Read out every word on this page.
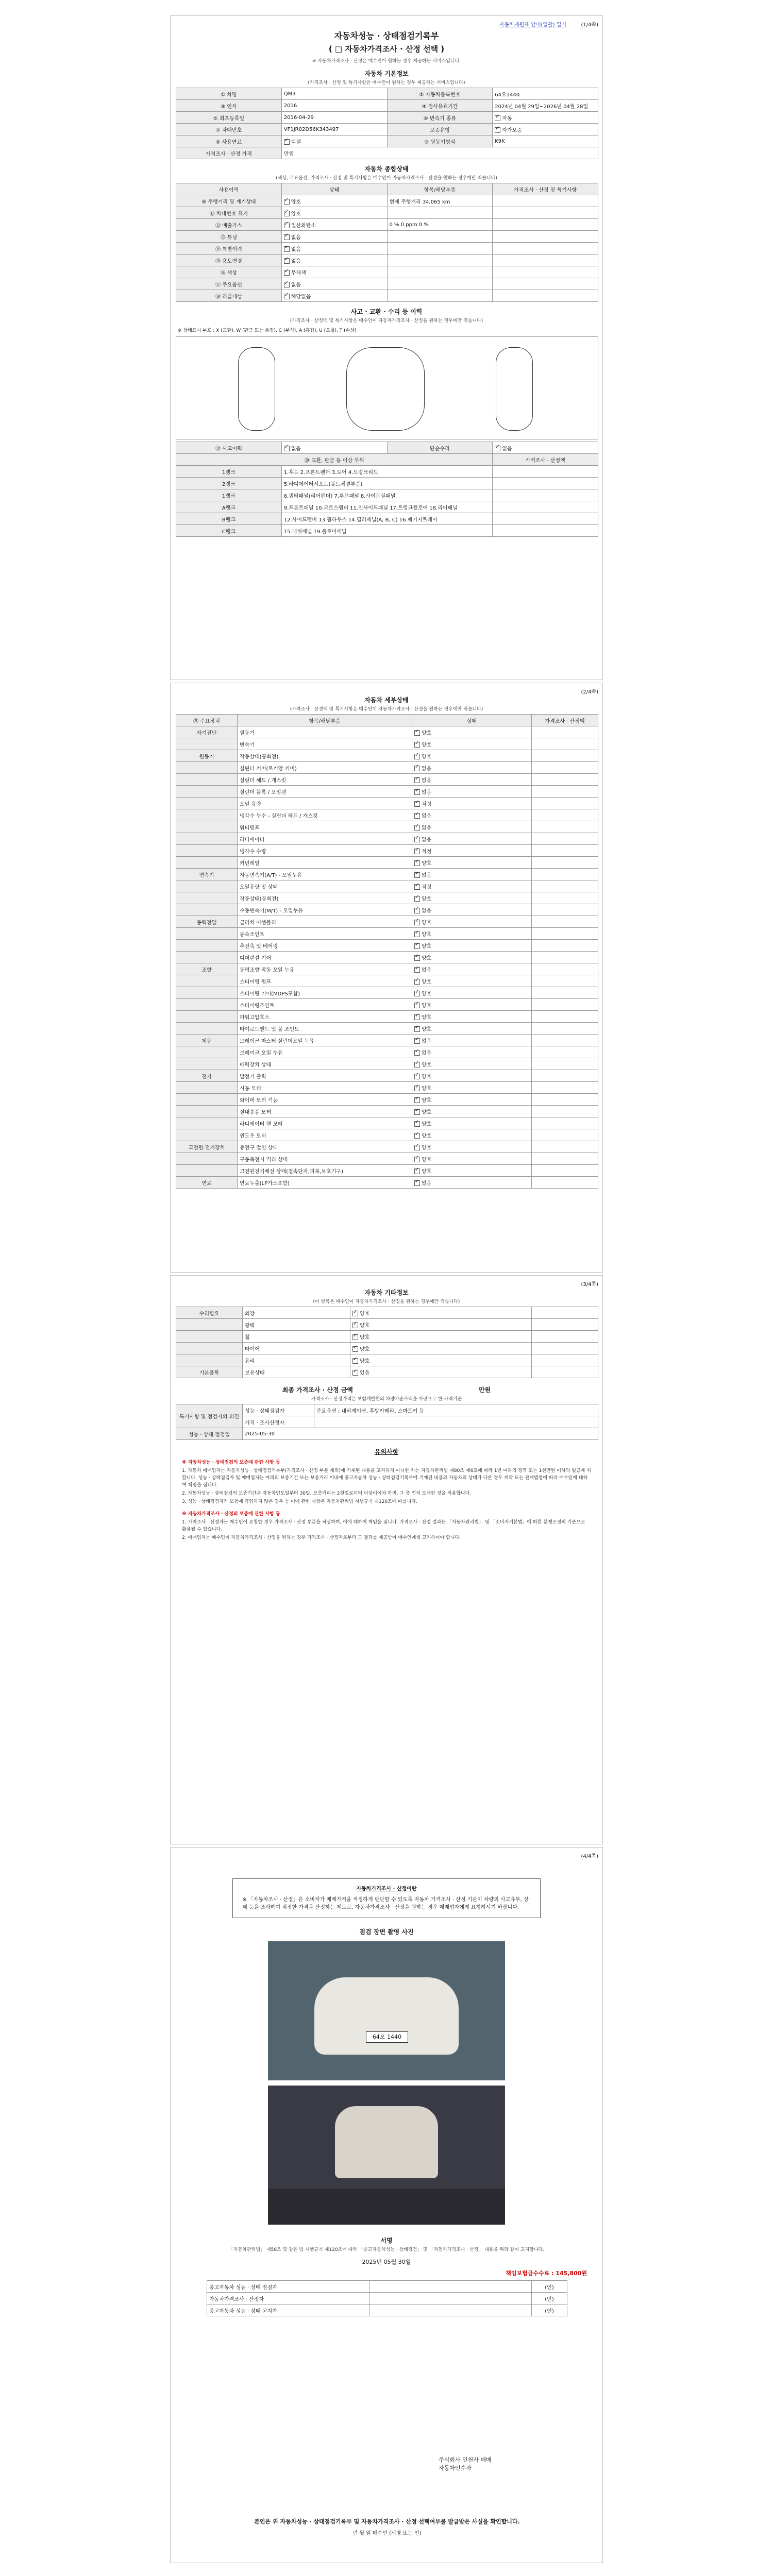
자동차제원표 안내(일괄) 열기	(1/4쪽)
자동차성능 · 상태점검기록부
( □ 자동차가격조사 · 산정 선택 )
※ 자동차가격조사 · 산정은 매수인이 원하는 경우 제공하는 서비스입니다.
자동차 기본정보
(가격조사 · 산정 및 특기사항은 매수인이 원하는 경우 제공하는 서비스입니다)
① 차명	QM3	② 자동차등록번호	64오1440
③ 연식	2016	④ 검사유효기간	2024년 04월 29일~2026년 04월 28일
⑤ 최초등록일	2016-04-29	⑥ 변속기 종류	✓자동
⑦ 차대번호	VF1JR02D56K343497	보증유형	✓자가보증
⑧ 사용연료	✓디젤	⑨ 원동기형식	K9K
가격조사 · 산정 가격	만원		
자동차 종합상태
(색상, 주요옵션, 가격조사 · 산정 및 특기사항은 매수인이 자동차가격조사 · 산정을 원하는 경우에만 적습니다)
사용이력	상태	항목/해당부품	가격조사 · 산정 및 특기사항
⑩ 주행거리 및 계기상태	✓양호	현재 주행거리 34,065 km	
⑪ 차대번호 표기	✓양호		
⑫ 배출가스	✓일산화탄소	0 % 0 ppm 0 %	
⑬ 튜닝	✓없음		
⑭ 특별이력	✓없음		
⑮ 용도변경	✓없음		
⑯ 색상	✓무채색		
⑰ 주요옵션	✓없음		
⑱ 리콜대상	✓해당없음		
사고 · 교환 · 수리 등 이력
(가격조사 · 산정액 및 특기사항은 매수인이 자동차가격조사 · 산정을 원하는 경우에만 적습니다)
※ 상태표시 부호 : X (교환), W (판금 또는 용접), C (부식), A (흠집), U (요철), T (손상)
⑲ 사고이력	✓없음	단순수리	✓없음
⑳ 교환, 판금 등 이상 부위			가격조사 · 산정액
1랭크	1.후드 2.프론트펜더 3.도어 4.트렁크리드		
2랭크	5.라디에이터서포트(볼트체결부품)		
1랭크	6.쿼터패널(리어펜더) 7.루프패널 8.사이드실패널		
A랭크	9.프론트패널 10.크로스멤버 11.인사이드패널 17.트렁크플로어 18.리어패널		
B랭크	12.사이드멤버 13.휠하우스 14.필러패널(A, B, C) 16.패키지트레이		
C랭크	15.대쉬패널 19.플로어패널		
(2/4쪽)
자동차 세부상태
(가격조사 · 산정액 및 특기사항은 매수인이 자동차가격조사 · 산정을 원하는 경우에만 적습니다)
㉑ 주요장치	항목/해당부품	상태	가격조사 · 산정액
자기진단	원동기	✓양호	
	변속기	✓양호	
원동기	작동상태(공회전)	✓양호	
	실린더 커버(로커암 커버)	✓없음	
	실린더 헤드 / 개스킷	✓없음	
	실린더 블록 / 오일팬	✓없음	
	오일 유량	✓적정	
	냉각수 누수 - 실린더 헤드 / 개스킷	✓없음	
	워터펌프	✓없음	
	라디에이터	✓없음	
	냉각수 수량	✓적정	
	커먼레일	✓양호	
변속기	자동변속기(A/T) - 오일누유	✓없음	
	오일유량 및 상태	✓적정	
	작동상태(공회전)	✓양호	
	수동변속기(M/T) - 오일누유	✓없음	
동력전달	클러치 어셈블리	✓양호	
	등속조인트	✓양호	
	추진축 및 베어링	✓양호	
	디퍼렌셜 기어	✓양호	
조향	동력조향 작동 오일 누유	✓없음	
	스티어링 펌프	✓양호	
	스티어링 기어(MDPS포함)	✓양호	
	스티어링조인트	✓양호	
	파워고압호스	✓양호	
	타이로드엔드 및 볼 조인트	✓양호	
제동	브레이크 마스터 실린더오일 누유	✓없음	
	브레이크 오일 누유	✓없음	
	배력장치 상태	✓양호	
전기	발전기 출력	✓양호	
	시동 모터	✓양호	
	와이퍼 모터 기능	✓양호	
	실내송풍 모터	✓양호	
	라디에이터 팬 모터	✓양호	
	윈도우 모터	✓양호	
고전원 전기장치	충전구 절연 상태	✓양호	
	구동축전지 격리 상태	✓양호	
	고전원전기배선 상태(접속단자,피복,보호기구)	✓양호	
연료	연료누출(LP가스포함)	✓없음	
(3/4쪽)
자동차 기타정보
(이 항목은 매수인이 자동차가격조사 · 산정을 원하는 경우에만 적습니다)
수리필요	외장	✓양호	
	광택	✓양호	
	휠	✓양호	
	타이어	✓양호	
	유리	✓양호	
기본품목	보유상태	✓있음	
최종 가격조사 · 산정 금액	만원
가격조사 · 산정가격은 보험개발원의 차량기준가액을 바탕으로 한 가격기준
특기사항 및 점검자의 의견	성능 · 상태점검자	주요옵션 : 내비게이션, 후방카메라, 스마트키 등
	가격 · 조사산정자	
성능 · 상태 점검일	2025-05-30	
유의사항

※ 자동차성능 · 상태점검의 보증에 관한 사항 등

1. 자동차 매매업자는 자동차성능 · 상태점검기록부(가격조사 · 산정 부분 제외)에 기재된 내용을 고지하지 아니한 자는 자동차관리법 제80조 제6호에 따라 1년 이하의 징역 또는 1천만원 이하의 벌금에 처합니다. 성능 · 상태점검자 및 매매업자는 아래의 보증기간 또는 보증거리 이내에 중고자동차 성능 · 상태점검기록부에 기재된 내용과 자동차의 상태가 다른 경우 계약 또는 관계법령에 따라 매수인에 대하여 책임을 집니다.

2. 자동차성능 · 상태점검의 보증기간은 자동차인도일부터 30일, 보증거리는 2천킬로미터 이상이어야 하며, 그 중 먼저 도래한 것을 적용합니다.

3. 성능 · 상태점검자가 보험에 가입하지 않은 경우 등 이에 관한 사항은 자동차관리법 시행규칙 제120조에 따릅니다.

※ 자동차가격조사 · 산정의 보증에 관한 사항 등

1. 가격조사 · 산정자는 매수인이 요청한 경우 가격조사 · 산정 부분을 작성하며, 이에 대하여 책임을 집니다. 가격조사 · 산정 결과는 「자동차관리법」 및 「소비자기본법」에 따른 분쟁조정의 기준으로 활용될 수 있습니다.

2. 매매업자는 매수인이 자동차가격조사 · 산정을 원하는 경우 가격조사 · 산정자로부터 그 결과를 제공받아 매수인에게 고지하여야 합니다.

(4/4쪽)
자동차가격조사 · 산정이란
※ 「자동차조사 · 산정」은 소비자가 매매가격을 적정하게 판단할 수 있도록 자동차 가격조사 · 산정 기관이 차량의 사고유무, 상태 등을 조사하여 적정한 가격을 산정하는 제도로, 자동차가격조사 · 산정을 원하는 경우 매매업자에게 요청하시기 바랍니다.
점검 장면 촬영 사진
64오 1440
서명
「자동차관리법」 제58조 및 같은 법 시행규칙 제120조에 따라 「중고자동차성능 · 상태점검」 및 「자동차가격조사 · 산정」 내용을 위와 같이 고지합니다.
2025년 05월 30일
책임보험금수수료 : 145,800원
중고자동차 성능 · 상태 점검자		(인)
자동차가격조사 · 산정자		(인)
중고자동차 성능 · 상태 고지자		(인)
주식회사 인천카 매매
자동차인수자
본인은 위 자동차성능 · 상태점검기록부 및 자동차가격조사 · 산정 선택여부를 발급받은 사실을 확인합니다.
년 월 일 매수인 (서명 또는 인)
